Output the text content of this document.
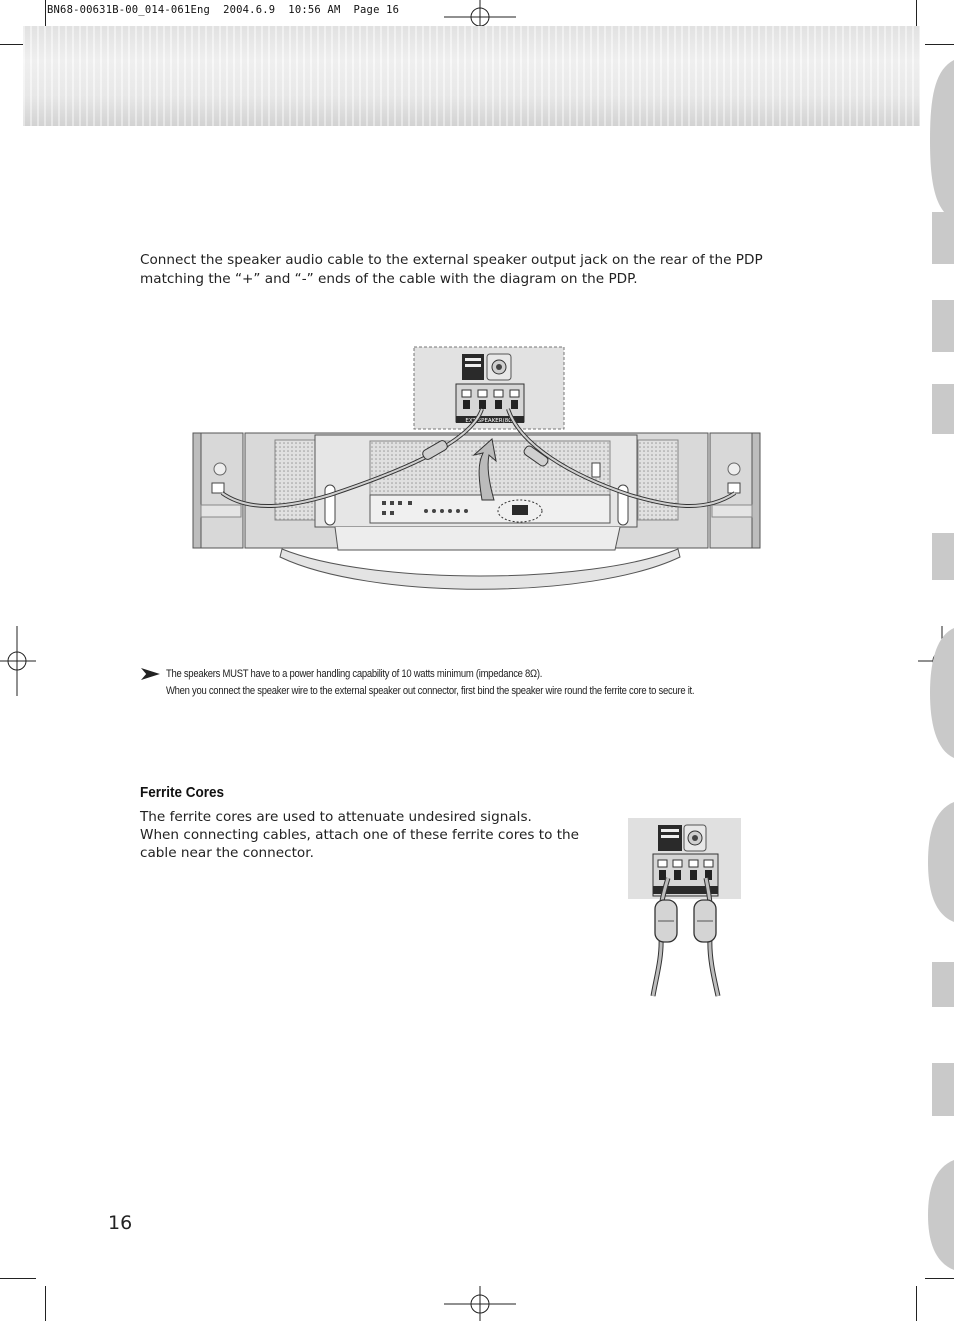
BN68-00631B-00_014-061Eng  2004.6.9  10:56 AM  Page 16

Connect the speaker audio cable to the external speaker output jack on the rear of the PDP matching the “+” and “-” ends of the cable with the diagram on the PDP.

EXT SPEAKER(8Ω)
The speakers MUST have to a power handling capability of 10 watts minimum (impedance 8Ω).
When you connect the speaker wire to the external speaker out connector, first bind the speaker wire round the ferrite core to secure it.
Ferrite Cores

The ferrite cores are used to attenuate undesired signals.
When connecting cables, attach one of these ferrite cores to the cable near the connector.

16
